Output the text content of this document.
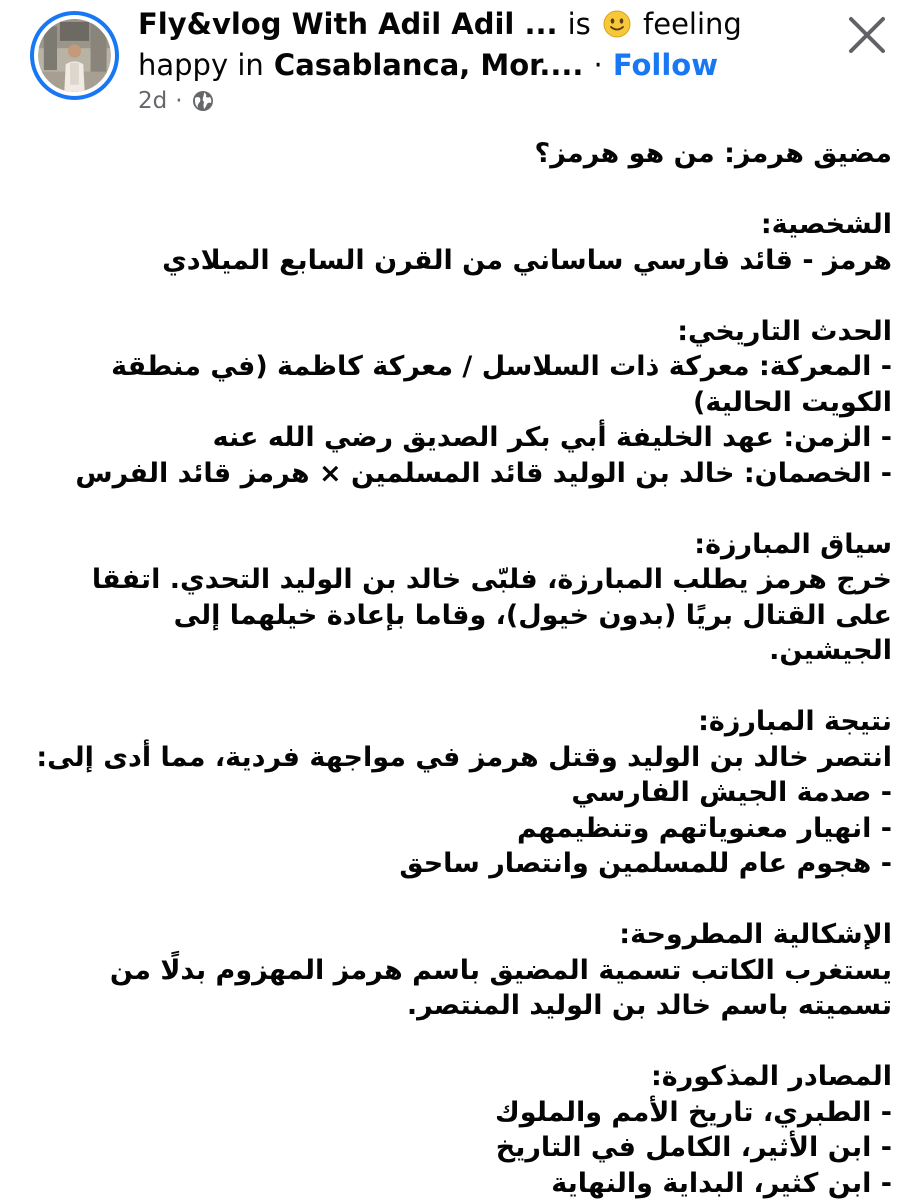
Fly&vlog With Adil Adil ... is feeling
happy in Casablanca, Mor.... · Follow
2d ·
مضيق هرمز: من هو هرمز؟
الشخصية:
هرمز - قائد فارسي ساساني من القرن السابع الميلادي
الحدث التاريخي:
- المعركة: معركة ذات السلاسل / معركة كاظمة (في منطقة الكويت الحالية)
- الزمن: عهد الخليفة أبي بكر الصديق رضي الله عنه
- الخصمان: خالد بن الوليد قائد المسلمين × هرمز قائد الفرس
سياق المبارزة:
خرج هرمز يطلب المبارزة، فلبّى خالد بن الوليد التحدي. اتفقا على القتال بريًا (بدون خيول)، وقاما بإعادة خيلهما إلى الجيشين.
نتيجة المبارزة:
انتصر خالد بن الوليد وقتل هرمز في مواجهة فردية، مما أدى إلى:
- صدمة الجيش الفارسي
- انهيار معنوياتهم وتنظيمهم
- هجوم عام للمسلمين وانتصار ساحق
الإشكالية المطروحة:
يستغرب الكاتب تسمية المضيق باسم هرمز المهزوم بدلًا من تسميته باسم خالد بن الوليد المنتصر.
المصادر المذكورة:
- الطبري، تاريخ الأمم والملوك
- ابن الأثير، الكامل في التاريخ
- ابن كثير، البداية والنهاية
